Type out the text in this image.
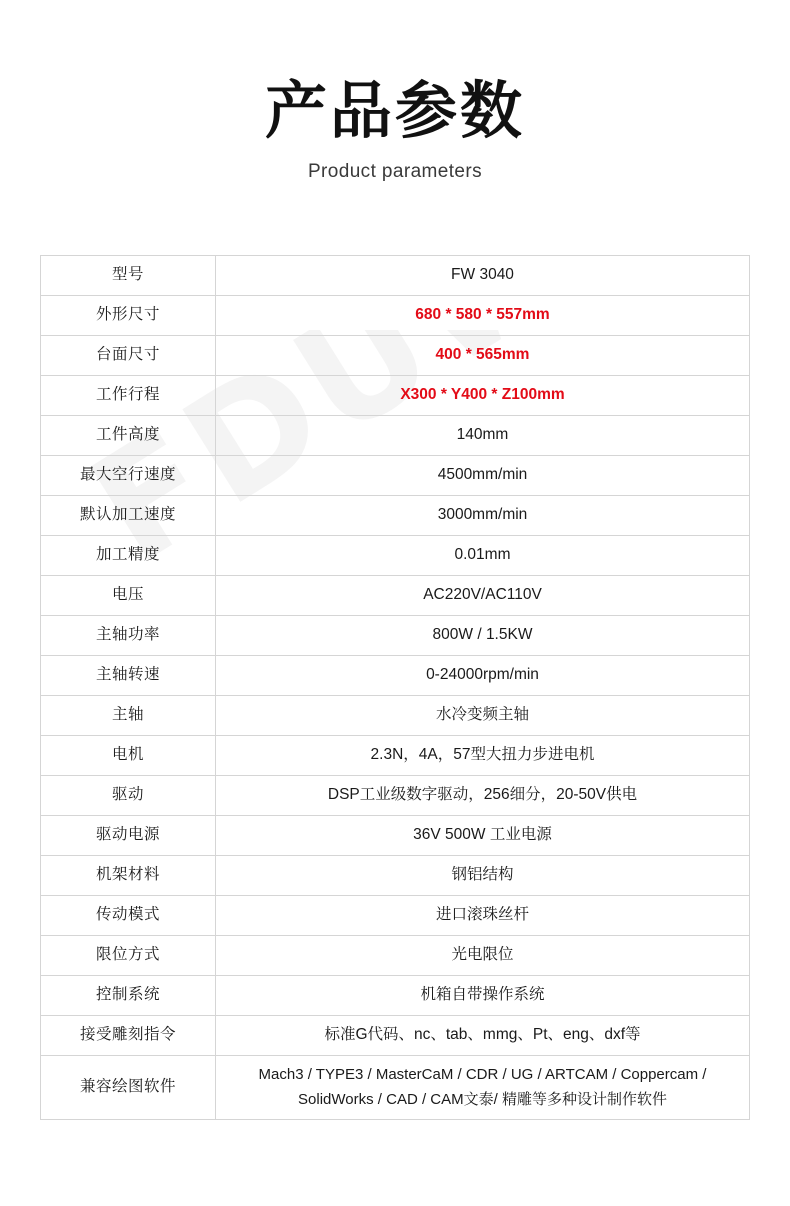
产品参数
Product parameters
型号	FW 3040
外形尺寸	680 * 580 * 557mm
台面尺寸	400 * 565mm
工作行程	X300 * Y400 * Z100mm
工件高度	140mm
最大空行速度	4500mm/min
默认加工速度	3000mm/min
加工精度	0.01mm
电压	AC220V/AC110V
主轴功率	800W / 1.5KW
主轴转速	0-24000rpm/min
主轴	水冷变频主轴
电机	2.3N，4A，57型大扭力步进电机
驱动	DSP工业级数字驱动，256细分，20-50V供电
驱动电源	36V 500W 工业电源
机架材料	钢铝结构
传动模式	进口滚珠丝杆
限位方式	光电限位
控制系统	机箱自带操作系统
接受雕刻指令	标准G代码、nc、tab、mmg、Pt、eng、dxf等
兼容绘图软件	Mach3 / TYPE3 / MasterCaM / CDR / UG / ARTCAM / Coppercam /
SolidWorks / CAD / CAM文泰/ 精雕等多种设计制作软件
